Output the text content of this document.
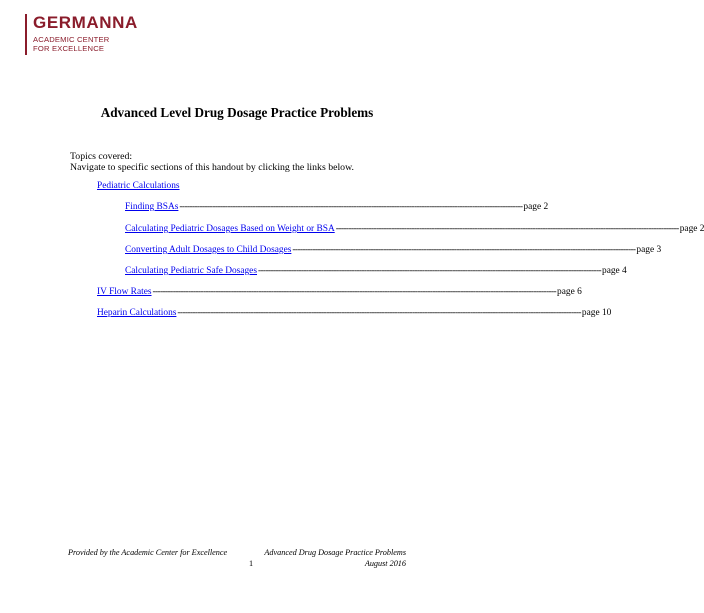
GERMANNA
ACADEMIC CENTER
FOR EXCELLENCE
Advanced Level Drug Dosage Practice Problems
Topics covered:
Navigate to specific sections of this handout by clicking the links below.
Pediatric Calculations
Finding BSAs ---------------------------------------------------------------------------------------------------------------------------------------- page 2
Calculating Pediatric Dosages Based on Weight or BSA ---------------------------------------------------------------------------------------------------------------------------------------- page 2
Converting Adult Dosages to Child Dosages ---------------------------------------------------------------------------------------------------------------------------------------- page 3
Calculating Pediatric Safe Dosages ---------------------------------------------------------------------------------------------------------------------------------------- page 4
IV Flow Rates ---------------------------------------------------------------------------------------------------------------------------------------------------------------- page 6
Heparin Calculations ---------------------------------------------------------------------------------------------------------------------------------------------------------------- page 10
Provided by the Academic Center for Excellence
1
Advanced Drug Dosage Practice Problems
August 2016
